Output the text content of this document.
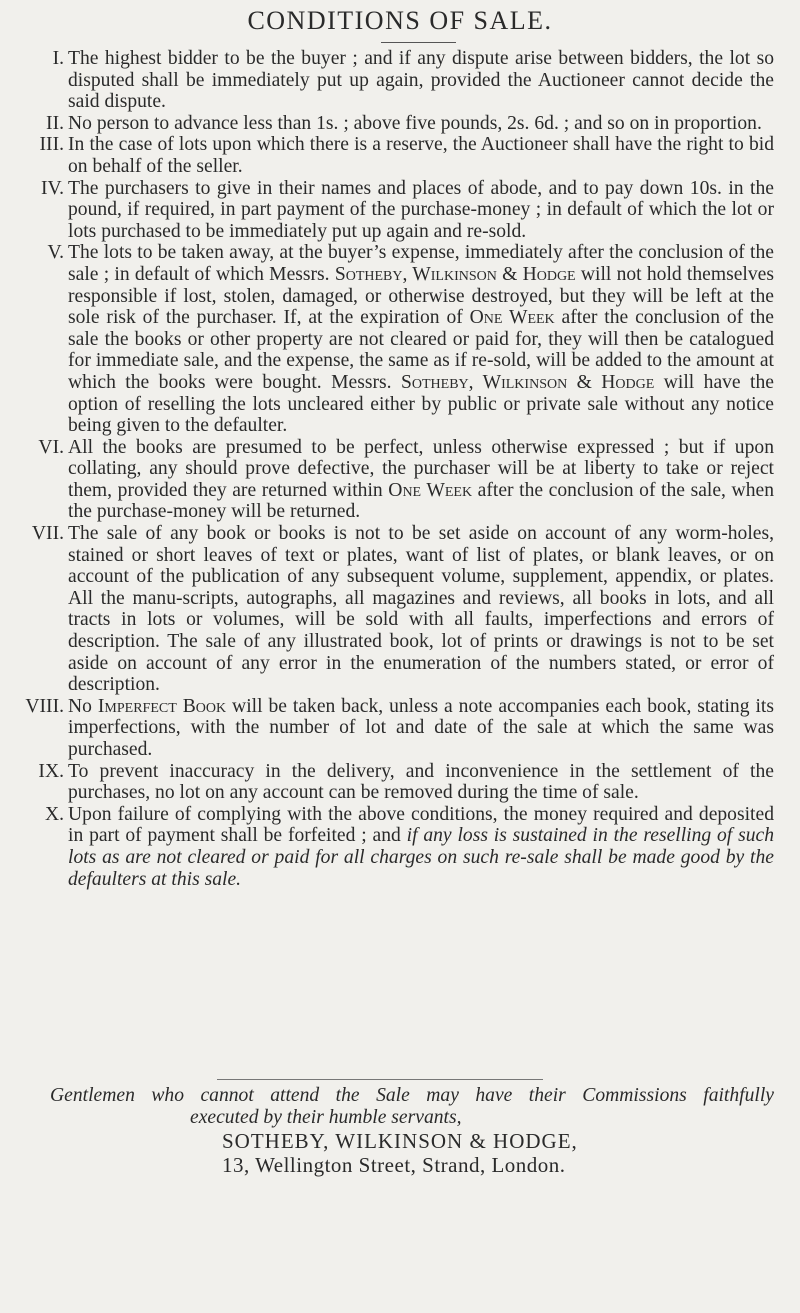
CONDITIONS OF SALE.
I. The highest bidder to be the buyer ; and if any dispute arise between bidders, the lot so disputed shall be immediately put up again, provided the Auctioneer cannot decide the said dispute.
II. No person to advance less than 1s. ; above five pounds, 2s. 6d. ; and so on in proportion.
III. In the case of lots upon which there is a reserve, the Auctioneer shall have the right to bid on behalf of the seller.
IV. The purchasers to give in their names and places of abode, and to pay down 10s. in the pound, if required, in part payment of the purchase-money ; in default of which the lot or lots purchased to be immediately put up again and re-sold.
V. The lots to be taken away, at the buyer’s expense, immediately after the conclusion of the sale ; in default of which Messrs. Sotheby, Wilkinson & Hodge will not hold themselves responsible if lost, stolen, damaged, or otherwise destroyed, but they will be left at the sole risk of the purchaser. If, at the expiration of One Week after the conclusion of the sale the books or other property are not cleared or paid for, they will then be catalogued for immediate sale, and the expense, the same as if re-sold, will be added to the amount at which the books were bought. Messrs. Sotheby, Wilkinson & Hodge will have the option of reselling the lots uncleared either by public or private sale without any notice being given to the defaulter.
VI. All the books are presumed to be perfect, unless otherwise expressed ; but if upon collating, any should prove defective, the purchaser will be at liberty to take or reject them, provided they are returned within One Week after the conclusion of the sale, when the purchase-money will be returned.
VII. The sale of any book or books is not to be set aside on account of any worm-holes, stained or short leaves of text or plates, want of list of plates, or blank leaves, or on account of the publication of any subsequent volume, supplement, appendix, or plates. All the manu-scripts, autographs, all magazines and reviews, all books in lots, and all tracts in lots or volumes, will be sold with all faults, imperfections and errors of description. The sale of any illustrated book, lot of prints or drawings is not to be set aside on account of any error in the enumeration of the numbers stated, or error of description.
VIII. No Imperfect Book will be taken back, unless a note accompanies each book, stating its imperfections, with the number of lot and date of the sale at which the same was purchased.
IX. To prevent inaccuracy in the delivery, and inconvenience in the settlement of the purchases, no lot on any account can be removed during the time of sale.
X. Upon failure of complying with the above conditions, the money required and deposited in part of payment shall be forfeited ; and if any loss is sustained in the reselling of such lots as are not cleared or paid for all charges on such re-sale shall be made good by the defaulters at this sale.

Gentlemen who cannot attend the Sale may have their Commissions faithfully
executed by their humble servants,

SOTHEBY, WILKINSON & HODGE,

13, Wellington Street, Strand, London.
